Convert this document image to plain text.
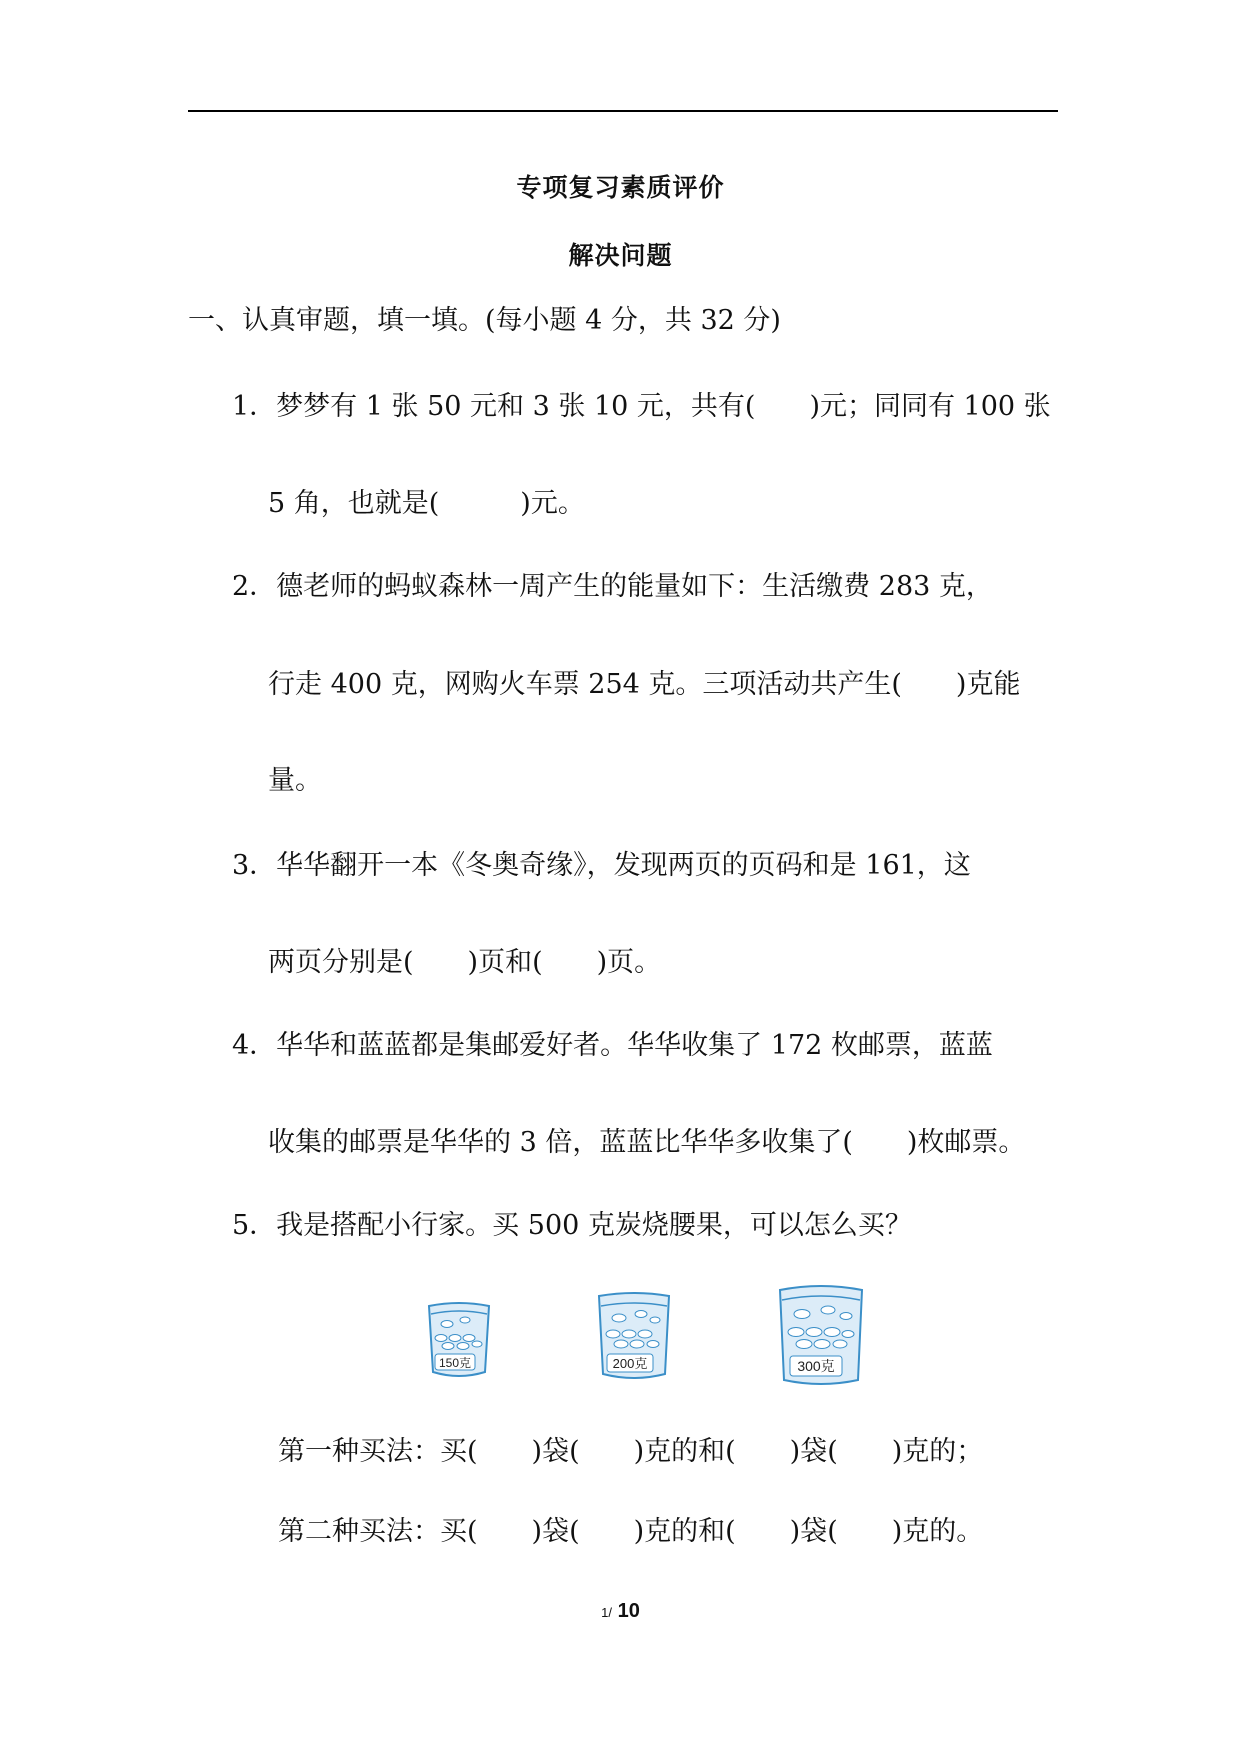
专项复习素质评价
解决问题
一、认真审题，填一填。(每小题 4 分，共 32 分)
1．梦梦有 1 张 50 元和 3 张 10 元，共有(　　)元；同同有 100 张
5 角，也就是(　　　)元。
2．德老师的蚂蚁森林一周产生的能量如下：生活缴费 283 克，
行走 400 克，网购火车票 254 克。三项活动共产生(　　)克能
量。
3．华华翻开一本《冬奥奇缘》，发现两页的页码和是 161，这
两页分别是(　　)页和(　　)页。
4．华华和蓝蓝都是集邮爱好者。华华收集了 172 枚邮票，蓝蓝
收集的邮票是华华的 3 倍，蓝蓝比华华多收集了(　　)枚邮票。
5．我是搭配小行家。买 500 克炭烧腰果，可以怎么买？
150克	200克	300克
第一种买法：买(　　)袋(　　)克的和(　　)袋(　　)克的；
第二种买法：买(　　)袋(　　)克的和(　　)袋(　　)克的。
1/ 10
